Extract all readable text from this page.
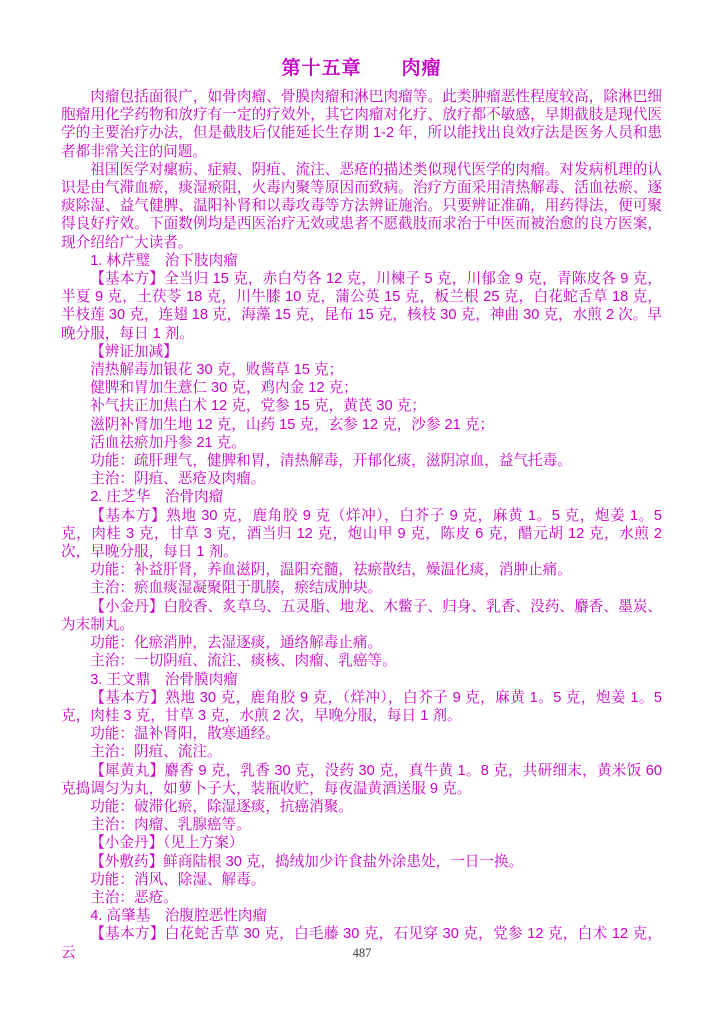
第十五章　　肉瘤

肉瘤包括面很广，如骨肉瘤、骨膜肉瘤和淋巴肉瘤等。此类肿瘤恶性程度较高，除淋巴细胞瘤用化学药物和放疗有一定的疗效外，其它肉瘤对化疗、放疗都不敏感，早期截肢是现代医学的主要治疗办法，但是截肢后仅能延长生存期 1-2 年，所以能找出良效疗法是医务人员和患者都非常关注的问题。

祖国医学对瘰疬、症瘕、阴疽、流注、恶疮的描述类似现代医学的肉瘤。对发病机理的认识是由气滞血瘀，痰湿瘀阻，火毒内聚等原因而致病。治疗方面采用清热解毒、活血祛瘀、逐痰除湿、益气健脾、温阳补肾和以毒攻毒等方法辨证施治。只要辨证准确，用药得法，便可聚得良好疗效。下面数例均是西医治疗无效或患者不愿截肢而求治于中医而被治愈的良方医案，现介绍给广大读者。

1. 林芹璧　治下肢肉瘤

【基本方】全当归 15 克，赤白芍各 12 克，川楝子 5 克，川郁金 9 克，青陈皮各 9 克，半夏 9 克，土茯苓 18 克，川牛膝 10 克，蒲公英 15 克，板兰根 25 克，白花蛇舌草 18 克，半枝莲 30 克，连翅 18 克，海藻 15 克，昆布 15 克，核枝 30 克，神曲 30 克，水煎 2 次。早晚分服，每日 1 剂。

【辨证加减】

清热解毒加银花 30 克，败酱草 15 克；

健脾和胃加生薏仁 30 克，鸡内金 12 克；

补气扶正加焦白术 12 克，党参 15 克，黄芪 30 克；

滋阴补肾加生地 12 克，山药 15 克，玄参 12 克，沙参 21 克；

活血祛瘀加丹参 21 克。

功能：疏肝理气，健脾和胃，清热解毒，开郁化痰，滋阴凉血，益气托毒。

主治：阴疽、恶疮及肉瘤。

2. 庄芝华　治骨肉瘤

【基本方】熟地 30 克，鹿角胶 9 克（烊冲），白芥子 9 克，麻黄 1。5 克，炮姜 1。5 克，肉桂 3 克，甘草 3 克，酒当归 12 克，炮山甲 9 克，陈皮 6 克，醋元胡 12 克，水煎 2 次，早晚分服，每日 1 剂。

功能：补益肝肾，养血滋阴，温阳充髓，祛瘀散结，燥温化痰，消肿止痛。

主治：瘀血痰湿凝聚阻于肌腠，瘀结成肿块。

【小金丹】白胶香、炙草乌、五灵脂、地龙、木鳖子、归身、乳香、没药、麝香、墨炭、为末制丸。

功能：化瘀消肿，去湿逐痰，通络解毒止痛。

主治：一切阴疽、流注、痰核、肉瘤、乳癌等。

3. 王文鼎　治骨膜肉瘤

【基本方】熟地 30 克，鹿角胶 9 克，（烊冲），白芥子 9 克，麻黄 1。5 克，炮姜 1。5 克，肉桂 3 克，甘草 3 克，水煎 2 次，早晚分服，每日 1 剂。

功能：温补肾阳，散寒通经。

主治：阴疽、流注。

【犀黄丸】麝香 9 克，乳香 30 克，没药 30 克，真牛黄 1。8 克，共研细末，黄米饭 60 克捣调匀为丸，如萝卜子大，装瓶收贮，每夜温黄酒送服 9 克。

功能：破滞化瘀，除湿逐痰，抗癌消聚。

主治：肉瘤、乳腺癌等。

【小金丹】（见上方案）

【外敷药】鲜商陆根 30 克，捣绒加少许食盐外涂患处，一日一换。

功能：消风、除湿、解毒。

主治：恶疮。

4. 高肇基　治腹腔恶性肉瘤

【基本方】白花蛇舌草 30 克，白毛藤 30 克，石见穿 30 克，党参 12 克，白术 12 克，云	487
